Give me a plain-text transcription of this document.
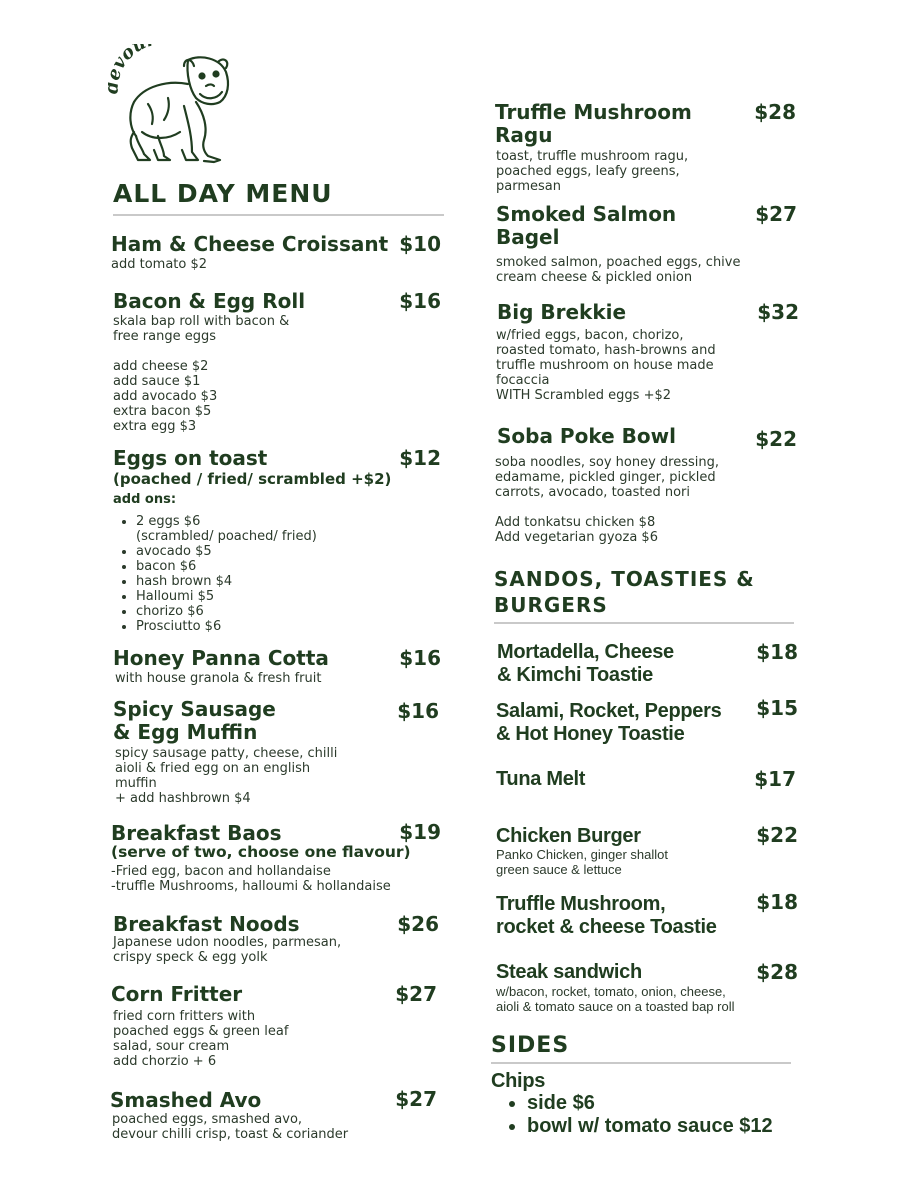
vou
ALL DAY MENU
Ham & Cheese Croissant $10
add tomato $2
Bacon & Egg Roll	$16
skala bap roll with bacon &
free range eggs

add cheese $2
add sauce $1
add avocado $3
extra bacon $5
extra egg $3
Eggs on toast	$12
(poached / fried/ scrambled +$2)
add ons:
• 2 eggs $6
(scrambled/ poached/ fried)
• avocado $5
• bacon $6
• hash brown $4
• Halloumi $5
• chorizo $6
• Prosciutto $6
Honey Panna Cotta	$16
with house granola & fresh fruit
Spicy Sausage
& Egg Muffin
$16
spicy sausage patty, cheese, chilli
aioli & fried egg on an english
muffin
+ add hashbrown $4
Breakfast Baos	$19
(serve of two, choose one flavour)
-Fried egg, bacon and hollandaise
-truffle Mushrooms, halloumi & hollandaise
Breakfast Noods	$26
Japanese udon noodles, parmesan,
crispy speck & egg yolk
Corn Fritter	$27
fried corn fritters with
poached eggs & green leaf
salad, sour cream
add chorzio + 6
Smashed Avo	$27
poached eggs, smashed avo,
devour chilli crisp, toast & coriander
Truffle Mushroom
Ragu
$28
toast, truffle mushroom ragu,
poached eggs, leafy greens,
parmesan
Smoked Salmon
Bagel
$27
smoked salmon, poached eggs, chive
cream cheese & pickled onion
Big Brekkie	$32
w/fried eggs, bacon, chorizo,
roasted tomato, hash-browns and
truffle mushroom on house made
focaccia
WITH Scrambled eggs +$2
Soba Poke Bowl	$22
soba noodles, soy honey dressing,
edamame, pickled ginger, pickled
carrots, avocado, toasted nori

Add tonkatsu chicken $8
Add vegetarian gyoza $6
SANDOS, TOASTIES &
BURGERS
Mortadella, Cheese
& Kimchi Toastie
$18
Salami, Rocket, Peppers
& Hot Honey Toastie
$15
Tuna Melt	$17
Chicken Burger	$22
Panko Chicken, ginger shallot
green sauce & lettuce
Truffle Mushroom,
rocket & cheese Toastie
$18
Steak sandwich	$28
w/bacon, rocket, tomato, onion, cheese,
aioli & tomato sauce on a toasted bap roll
SIDES
Chips
• side $6
• bowl w/ tomato sauce $12
